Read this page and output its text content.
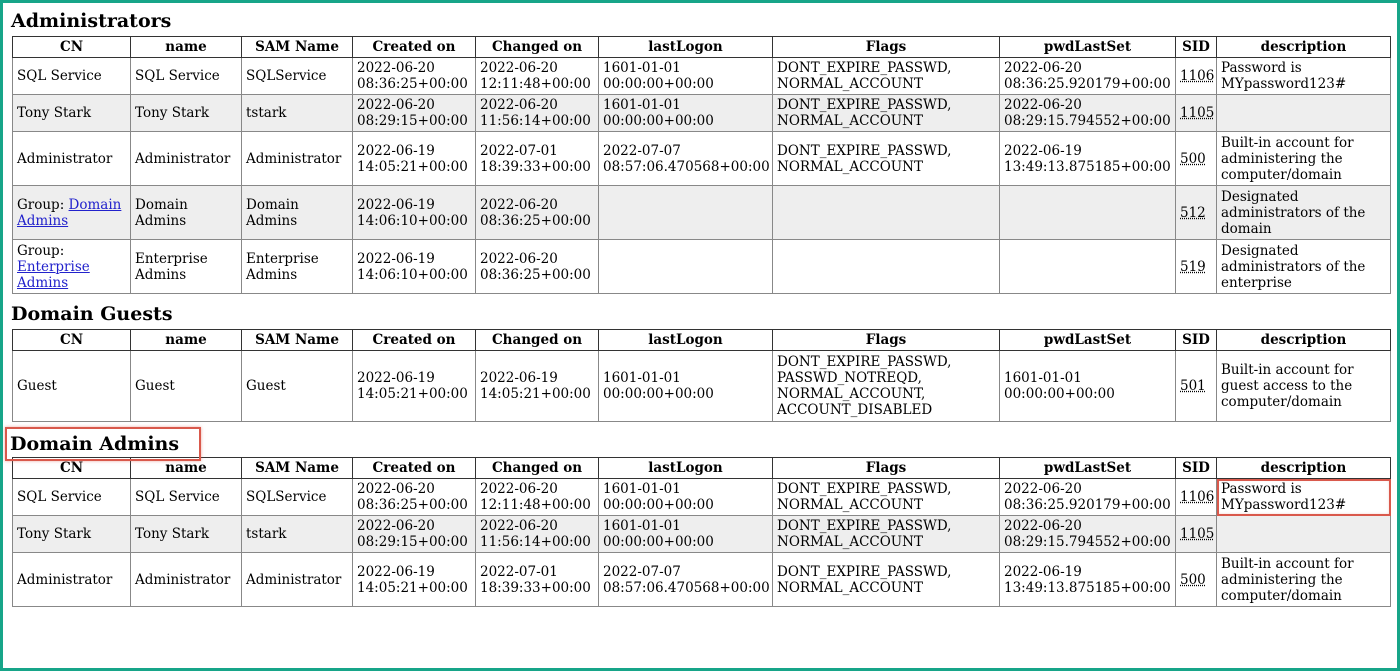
Administrators
CN	name	SAM Name	Created on	Changed on	lastLogon	Flags	pwdLastSet	SID	description
SQL Service	SQL Service	SQLService	2022-06-20 08:36:25+00:00	2022-06-20 12:11:48+00:00	1601-01-01 00:00:00+00:00	DONT_EXPIRE_PASSWD, NORMAL_ACCOUNT	2022-06-20 08:36:25.920179+00:00	1106	Password is MYpassword123#
Tony Stark	Tony Stark	tstark	2022-06-20 08:29:15+00:00	2022-06-20 11:56:14+00:00	1601-01-01 00:00:00+00:00	DONT_EXPIRE_PASSWD, NORMAL_ACCOUNT	2022-06-20 08:29:15.794552+00:00	1105	
Administrator	Administrator	Administrator	2022-06-19 14:05:21+00:00	2022-07-01 18:39:33+00:00	2022-07-07 08:57:06.470568+00:00	DONT_EXPIRE_PASSWD, NORMAL_ACCOUNT	2022-06-19 13:49:13.875185+00:00	500	Built-in account for administering the computer/domain
Group: Domain Admins	Domain Admins	Domain Admins	2022-06-19 14:06:10+00:00	2022-06-20 08:36:25+00:00				512	Designated administrators of the domain
Group: Enterprise Admins	Enterprise Admins	Enterprise Admins	2022-06-19 14:06:10+00:00	2022-06-20 08:36:25+00:00				519	Designated administrators of the enterprise
Domain Guests
CN	name	SAM Name	Created on	Changed on	lastLogon	Flags	pwdLastSet	SID	description
Guest	Guest	Guest	2022-06-19 14:05:21+00:00	2022-06-19 14:05:21+00:00	1601-01-01 00:00:00+00:00	DONT_EXPIRE_PASSWD, PASSWD_NOTREQD, NORMAL_ACCOUNT, ACCOUNT_DISABLED	1601-01-01 00:00:00+00:00	501	Built-in account for guest access to the computer/domain
Domain Admins
CN	name	SAM Name	Created on	Changed on	lastLogon	Flags	pwdLastSet	SID	description
SQL Service	SQL Service	SQLService	2022-06-20 08:36:25+00:00	2022-06-20 12:11:48+00:00	1601-01-01 00:00:00+00:00	DONT_EXPIRE_PASSWD, NORMAL_ACCOUNT	2022-06-20 08:36:25.920179+00:00	1106	Password is MYpassword123#
Tony Stark	Tony Stark	tstark	2022-06-20 08:29:15+00:00	2022-06-20 11:56:14+00:00	1601-01-01 00:00:00+00:00	DONT_EXPIRE_PASSWD, NORMAL_ACCOUNT	2022-06-20 08:29:15.794552+00:00	1105	
Administrator	Administrator	Administrator	2022-06-19 14:05:21+00:00	2022-07-01 18:39:33+00:00	2022-07-07 08:57:06.470568+00:00	DONT_EXPIRE_PASSWD, NORMAL_ACCOUNT	2022-06-19 13:49:13.875185+00:00	500	Built-in account for administering the computer/domain
